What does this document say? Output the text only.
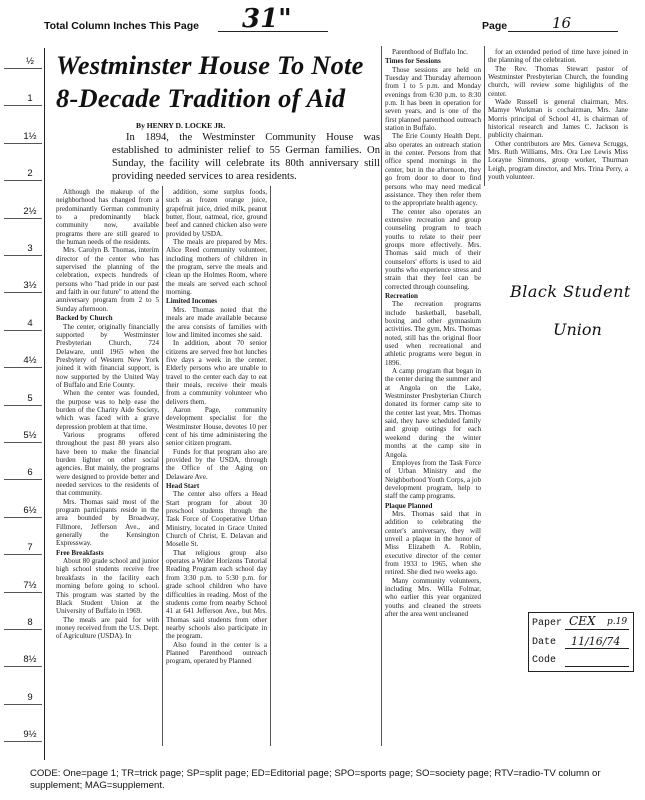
Total Column Inches This Page 31"	Page	16
½
1
1½
2
2½
3
3½
4
4½
5
5½
6
6½
7
7½
8
8½
9
9½
Westminster House To Note
8-Decade Tradition of Aid
By HENRY D. LOCKE JR.
In 1894, the Westminster Community House was established to administer relief to 55 German families. On Sunday, the facility will celebrate its 80th anniversary still providing needed services to area residents.

Although the makeup of the neighborhood has changed from a predominantly German community to a predominantly black community now, available programs there are still geared to the human needs of the residents.

Mrs. Carolyn B. Thomas, interim director of the center who has supervised the planning of the celebration, expects hundreds of persons who "had pride in our past and faith in our future" to attend the anniversary program from 2 to 5 Sunday afternoon.

Backed by Church

The center, originally financially supported by Westminster Presbyterian Church, 724 Delaware, until 1965 when the Presbytery of Western New York joined it with financial support, is now supported by the United Way of Buffalo and Erie County.

When the center was founded, the purpose was to help ease the burden of the Charity Aide Society, which was faced with a grave depression problem at that time.

Various programs offered throughout the past 80 years also have been to make the financial burden lighter on other social agencies. But mainly, the programs were designed to provide better and needed services to the residents of that community.

Mrs. Thomas said most of the program participants reside in the area bounded by Broadway, Fillmore, Jefferson Ave., and generally the Kensington Expressway.

Free Breakfasts

About 80 grade school and junior high school students receive free breakfasts in the facility each morning before going to school. This program was started by the Black Student Union at the University of Buffalo in 1969.

The meals are paid for with money received from the U.S. Dept. of Agriculture (USDA). In

addition, some surplus foods, such as frozen orange juice, grapefruit juice, dried milk, peanut butter, flour, oatmeal, rice, ground beef and canned chicken also were provided by USDA.

The meals are prepared by Mrs. Alice Reed community volunteer, including mothers of children in the program, serve the meals and clean up the Holmes Room, where the meals are served each school morning.

Limited Incomes

Mrs. Thomas noted that the meals are made available because the area consists of families with low and limited incomes she said.

In addition, about 70 senior citizens are served free hot lunches five days a week in the center. Elderly persons who are unable to travel to the center each day to eat their meals, receive their meals from a community volunteer who delivers them.

Aaron Page, community development specialist for the Westminster House, devotes 10 per cent of his time administering the senior citizen program.

Funds for that program also are provided by the USDA, through the Office of the Aging on Delaware Ave.

Head Start

The center also offers a Head Start program for about 30 preschool students through the Task Force of Cooperative Urban Ministry, located in Grace United Church of Christ, E. Delavan and Moselle St.

That religious group also operates a Wider Horizons Tutorial Reading Program each school day from 3:30 p.m. to 5:30 p.m. for grade school children who have difficulties in reading. Most of the students come from nearby School 41 at 641 Jefferson Ave., but Mrs. Thomas said students from other nearby schools also participate in the program.

Also found in the center is a Planned Parenthood outreach program, operated by Planned

Parenthood of Buffalo Inc.

Times for Sessions

Those sessions are held on Tuesday and Thursday afternoon from 1 to 5 p.m. and Monday evenings from 6:30 p.m. to 8:30 p.m. It has been in operation for seven years, and is one of the first planned parenthood outreach station in Buffalo.

The Erie County Health Dept. also operates an outreach station in the center. Persons from that office spend mornings in the center, but in the afternoon, they go from door to door to find persons who may need medical assistance. They then refer them to the appropriate health agency.

The center also operates an extensive recreation and group counseling program to teach youths to relate to their peer groups more effectively. Mrs. Thomas said much of their counselors' efforts is used to aid youths who experience stress and strain that they feel can be corrected through counseling.

Recreation

The recreation programs include basketball, baseball, boxing and other gymnasium activities. The gym, Mrs. Thomas noted, still has the original floor used when recreational and athletic programs were begun in 1896.

A camp program that began in the center during the summer and at Angola on the Lake, Westminster Presbyterian Church donated its former camp site to the center last year, Mrs. Thomas said, they have scheduled family and group outings for each weekend during the winter months at the camp site in Angola.

Employes from the Task Force of Urban Ministry and the Neighborhood Youth Corps, a job development program, help to staff the camp programs.

Plaque Planned

Mrs. Thomas said that in addition to celebrating the center's anniversary, they will unveil a plaque in the honor of Miss Elizabeth A. Roblin, executive director of the center from 1933 to 1965, when she retired. She died two weeks ago.

Many community volunteers, including Mrs. Willa Folmar, who earlier this year organized youths and cleaned the streets after the area went uncleaned

for an extended period of time have joined in the planning of the celebration.

The Rev. Thomas Stewart pastor of Westminster Presbyterian Church, the founding church, will review some highlights of the center.

Wade Russell is general chairman, Mrs. Mamye Workman is cochairman, Mrs. Jane Morris principal of School 41, is chairman of historical research and James C. Jackson is publicity chairman.

Other contributors are Mrs. Geneva Scruggs, Mrs. Ruth Williams, Mrs. Ora Lee Lewis Miss Lorayne Simmons, group worker, Thurman Leigh, program director, and Mrs. Trina Perry, a youth volunteer.

Black Student
Union
Paper CEX p.19
Date 11/16/74
Code
CODE: One=page 1; TR=trick page; SP=split page; ED=Editorial page; SPO=sports page; SO=society page; RTV=radio-TV column or supplement; MAG=supplement.
